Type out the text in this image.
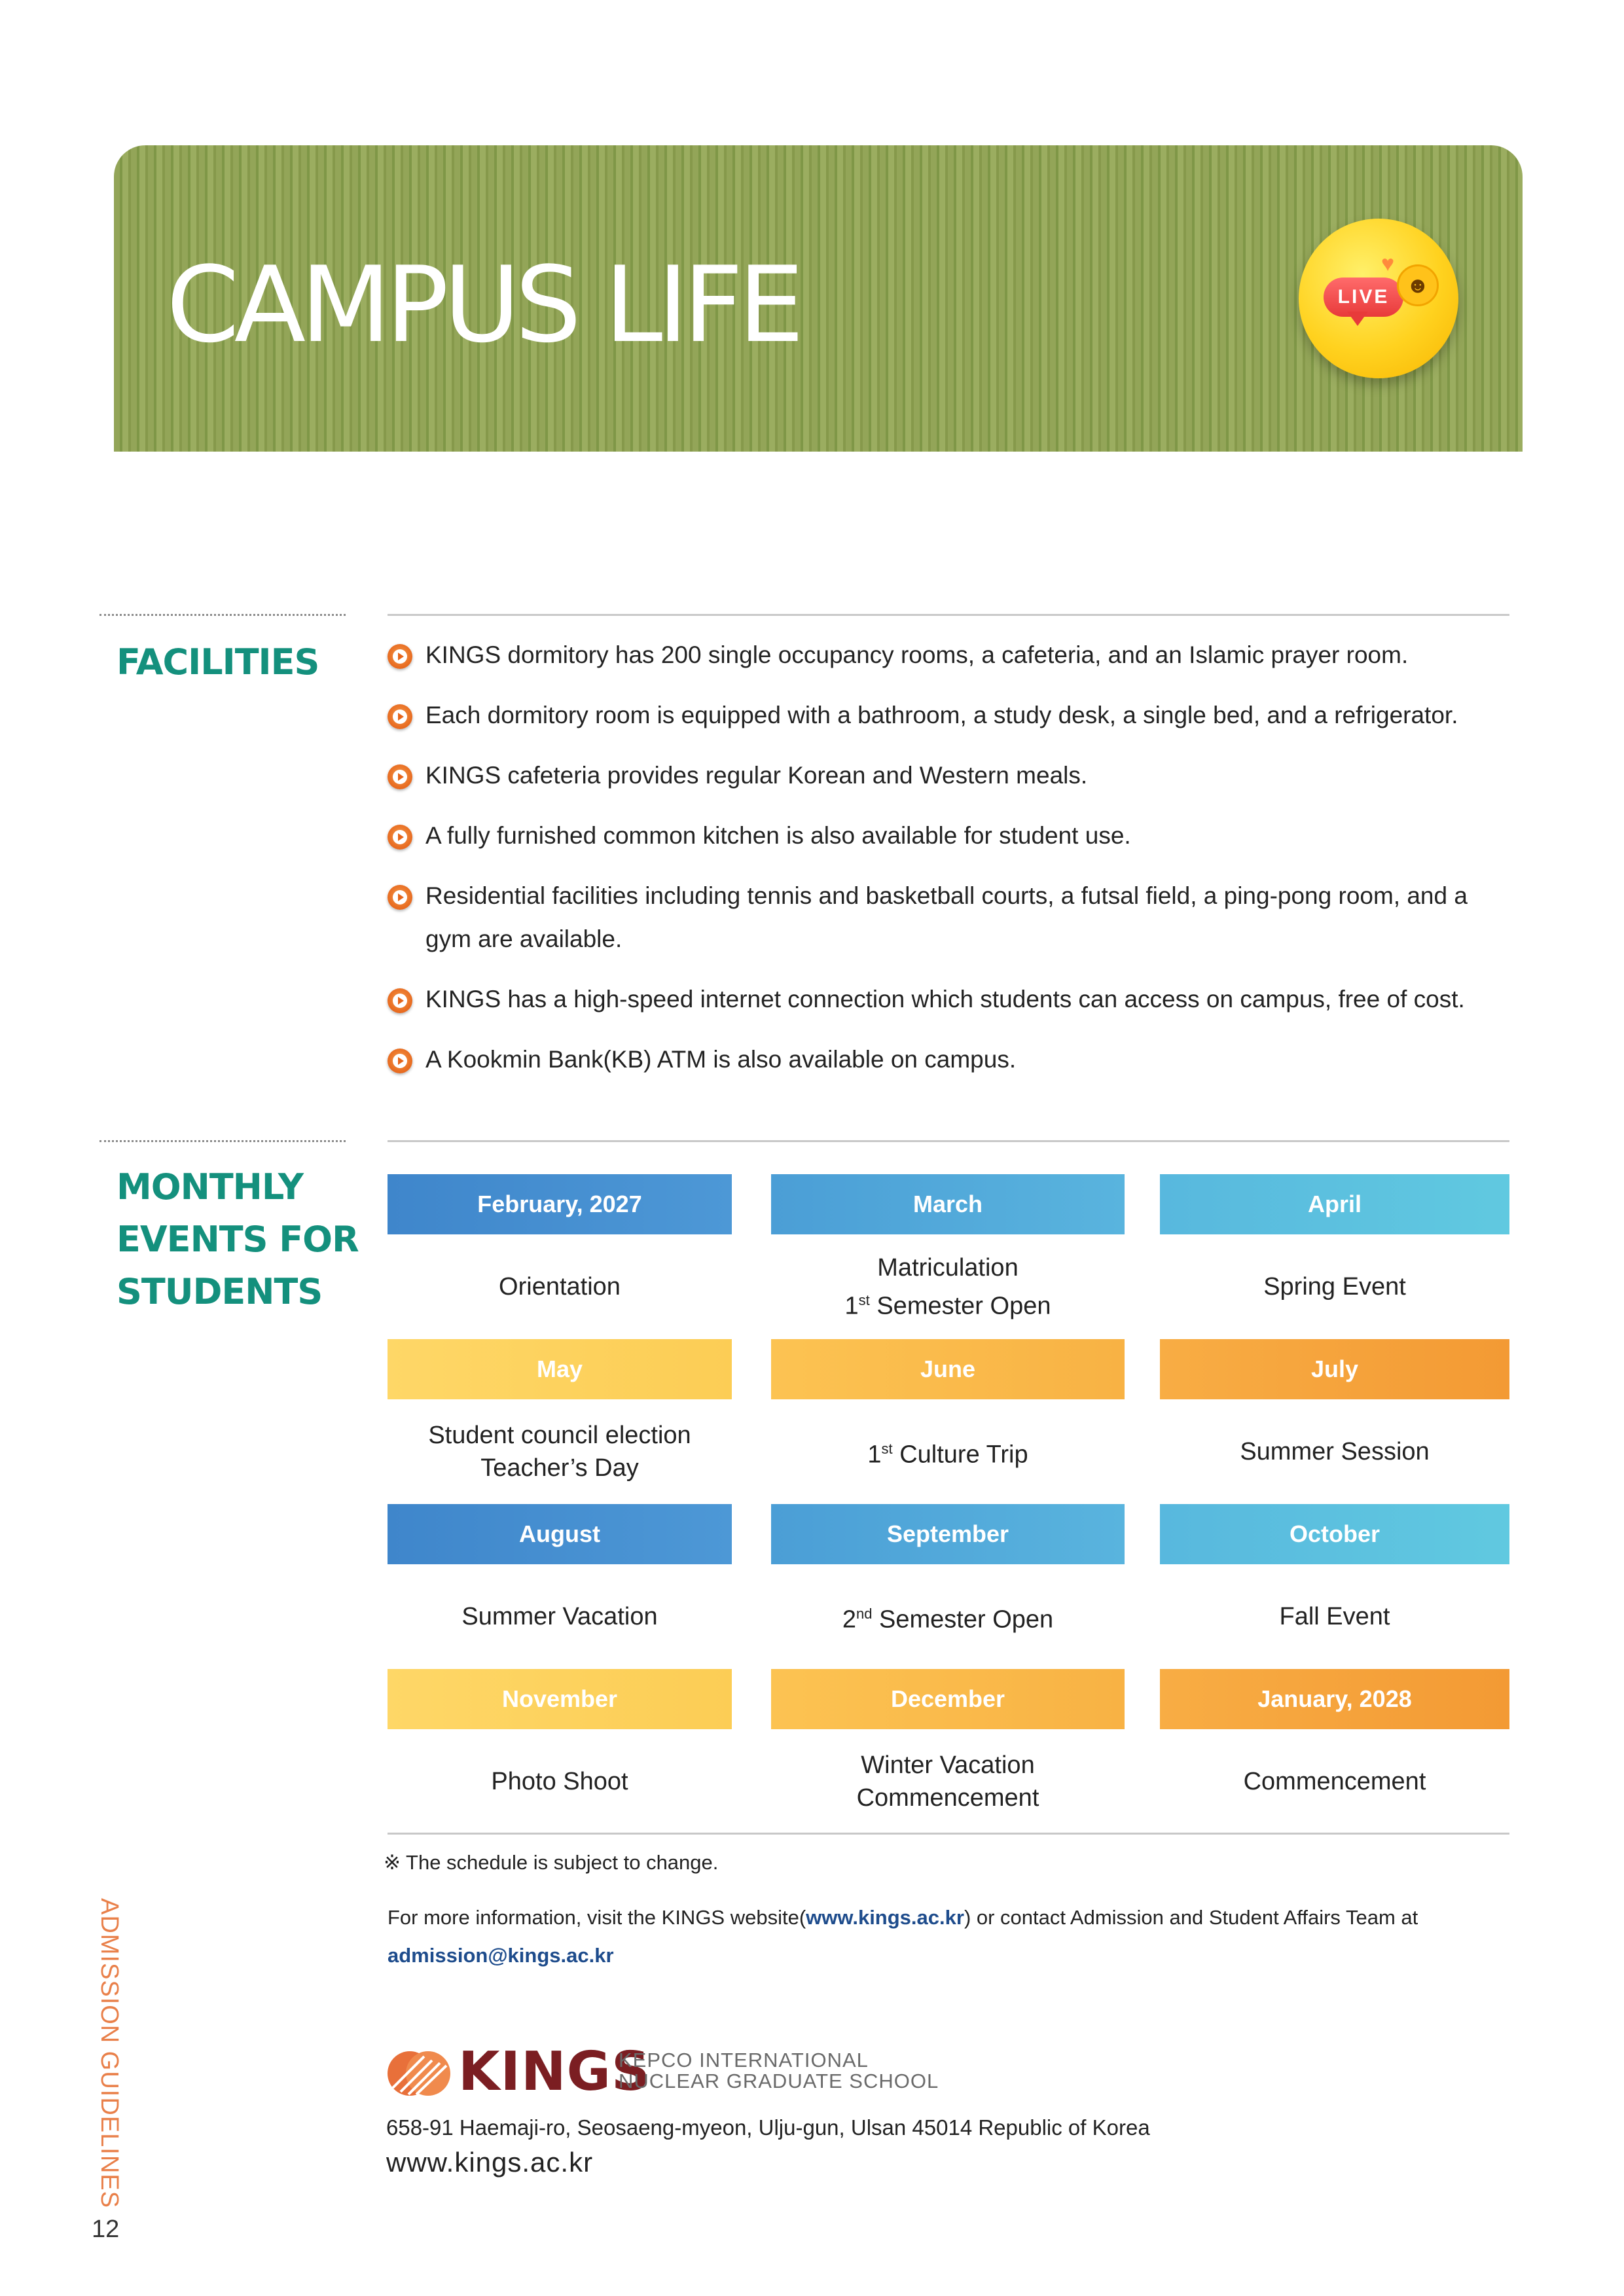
CAMPUS LIFE	♥
LIVE ☻
FACILITIES	KINGS dormitory has 200 single occupancy rooms, a cafeteria, and an Islamic prayer room.
Each dormitory room is equipped with a bathroom, a study desk, a single bed, and a refrigerator.
KINGS cafeteria provides regular Korean and Western meals.
A fully furnished common kitchen is also available for student use.
Residential facilities including tennis and basketball courts, a futsal field, a ping-pong room, and a gym are available.
KINGS has a high-speed internet connection which students can access on campus, free of cost.
A Kookmin Bank(KB) ATM is also available on campus.
MONTHLY
EVENTS FOR
STUDENTS
February, 2027
Orientation
March
Matriculation
1st Semester Open
April
Spring Event
May
Student council election
Teacher’s Day
June
1st Culture Trip
July
Summer Session
August
Summer Vacation
September
2nd Semester Open
October
Fall Event
November
Photo Shoot
December
Winter Vacation
Commencement
January, 2028
Commencement
※ The schedule is subject to change.
For more information, visit the KINGS website(www.kings.ac.kr) or contact Admission and Student Affairs Team at
admission@kings.ac.kr
KINGS
KEPCO INTERNATIONAL
NUCLEAR GRADUATE SCHOOL
658-91 Haemaji-ro, Seosaeng-myeon, Ulju-gun, Ulsan 45014 Republic of Korea
www.kings.ac.kr
ADMISSION GUIDELINES
12
